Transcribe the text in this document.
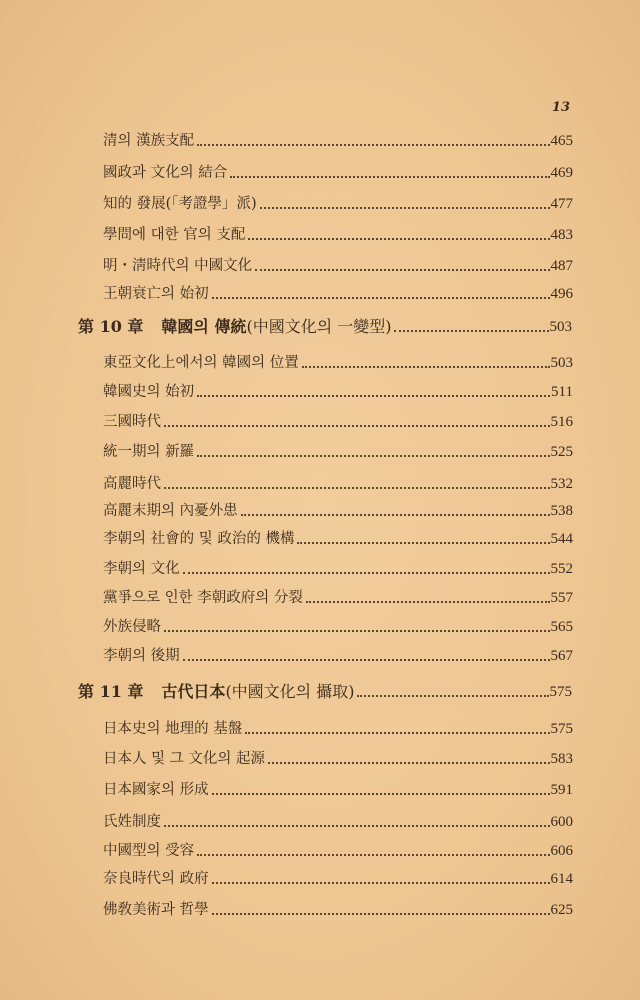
13
清의 漢族支配	465
國政과 文化의 結合	469
知的 發展(「考證學」派)	477
學問에 대한 官의 支配	483
明・淸時代의 中國文化	487
王朝衰亡의 始初	496
第 10 章 韓國의 傳統 (中國文化의 一變型)	503
東亞文化上에서의 韓國의 位置	503
韓國史의 始初	511
三國時代	516
統一期의 新羅	525
高麗時代	532
高麗末期의 內憂外患	538
李朝의 社會的 및 政治的 機構	544
李朝의 文化	552
黨爭으로 인한 李朝政府의 分裂	557
外族侵略	565
李朝의 後期	567
第 11 章 古代日本 (中國文化의 攝取)	575
日本史의 地理的 基盤	575
日本人 및 그 文化의 起源	583
日本國家의 形成	591
氏姓制度	600
中國型의 受容	606
奈良時代의 政府	614
佛敎美術과 哲學	625
